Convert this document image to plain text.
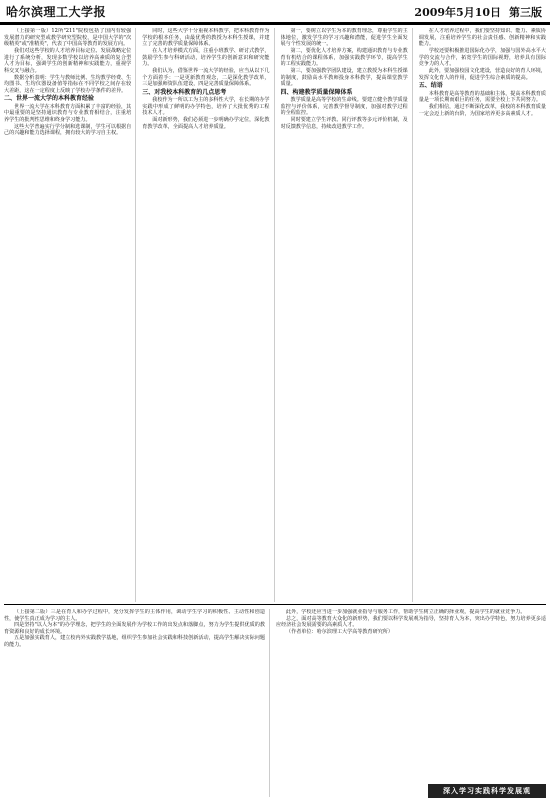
哈尔滨理工大学报	2009年5月10日 第三版

（上接第一版）12所"211"院校包括了国内有较强发展潜力的研究型或教学研究型院校，是中国大学的"次级精英"或"准精英"，代表了中国高等教育的发展方向。

我们对这些学校的人才培养目标定位、发展战略定位进行了系统分析，发现多数学校以培养高素质的复合型人才为目标，强调学生的创新精神和实践能力，重视学科交叉与融合。

数据分析表明：学生与教师比例、生均教学经费、生均图书、生均仪器设备值等指标在不同学校之间存在较大差距，这在一定程度上反映了学校办学条件的差异。

二、世界一流大学的本科教育经验

世界一流大学在本科教育方面积累了丰富的经验，其中最重要的是坚持通识教育与专业教育相结合，注重培养学生的批判性思维和终身学习能力。

这些大学普遍实行学分制和选课制，学生可以根据自己的兴趣和能力选择课程，拥有较大的学习自主权。

同时，这些大学十分重视本科教学，把本科教育作为学校的根本任务，由最优秀的教授为本科生授课，并建立了完善的教学质量保障体系。

在人才培养模式方面，注重小班教学、研讨式教学，鼓励学生参与科研活动，培养学生的创新意识和研究能力。

我们认为，借鉴世界一流大学的经验，应当从以下几个方面着手：一是更新教育观念，二是深化教学改革，三是加强师资队伍建设，四是完善质量保障体系。

三、对我校本科教育的几点思考

我校作为一所以工为主的多科性大学，在长期的办学实践中形成了鲜明的办学特色，培养了大批优秀的工程技术人才。

面对新形势，我们必须进一步明确办学定位，深化教育教学改革，全面提高人才培养质量。

第一，要树立以学生为本的教育理念，尊重学生的主体地位，激发学生的学习兴趣和潜能，促进学生全面发展与个性发展的统一。

第二，要优化人才培养方案，构建通识教育与专业教育有机结合的课程体系，加强实践教学环节，提高学生的工程实践能力。

第三，要加强教学团队建设，建立教授为本科生授课的制度，鼓励高水平教师投身本科教学，提高课堂教学质量。

四、构建教学质量保障体系

教学质量是高等学校的生命线。要建立健全教学质量监控与评价体系，完善教学督导制度，加强对教学过程的全程监控。

同时要建立学生评教、同行评教等多元评价机制，及时反馈教学信息，持续改进教学工作。

在人才培养过程中，我们要坚持知识、能力、素质协调发展，注重培养学生的社会责任感、创新精神和实践能力。

学校还要积极推进国际化办学，加强与国外高水平大学的交流与合作，拓宽学生的国际视野，培养具有国际竞争力的人才。

此外，要加强校园文化建设，营造良好的育人环境，发挥文化育人的作用，促进学生综合素质的提高。

五、结语

本科教育是高等教育的基础和主体，提高本科教育质量是一项长期而艰巨的任务，需要全校上下共同努力。

我们相信，通过不断深化改革，我校的本科教育质量一定会迈上新的台阶，为国家培养更多高素质人才。

（上接第二版）三是在育人和办学过程中，充分发挥学生的主体作用，调动学生学习的积极性、主动性和创造性，使学生真正成为学习的主人。

四是坚持"以人为本"的办学理念，把学生的全面发展作为学校工作的出发点和落脚点，努力为学生提供优质的教育资源和良好的成长环境。

五是加强实践育人，建立校内外实践教学基地，组织学生参加社会实践和科技创新活动，提高学生解决实际问题的能力。

此外，学校还应当进一步加强就业指导与服务工作，帮助学生树立正确的择业观，提高学生的就业竞争力。

总之，面对高等教育大众化的新形势，我们要以科学发展观为指导，坚持育人为本，突出办学特色，努力培养更多适应经济社会发展需要的高素质人才。

（作者单位：哈尔滨理工大学高等教育研究所）

深入学习实践科学发展观
